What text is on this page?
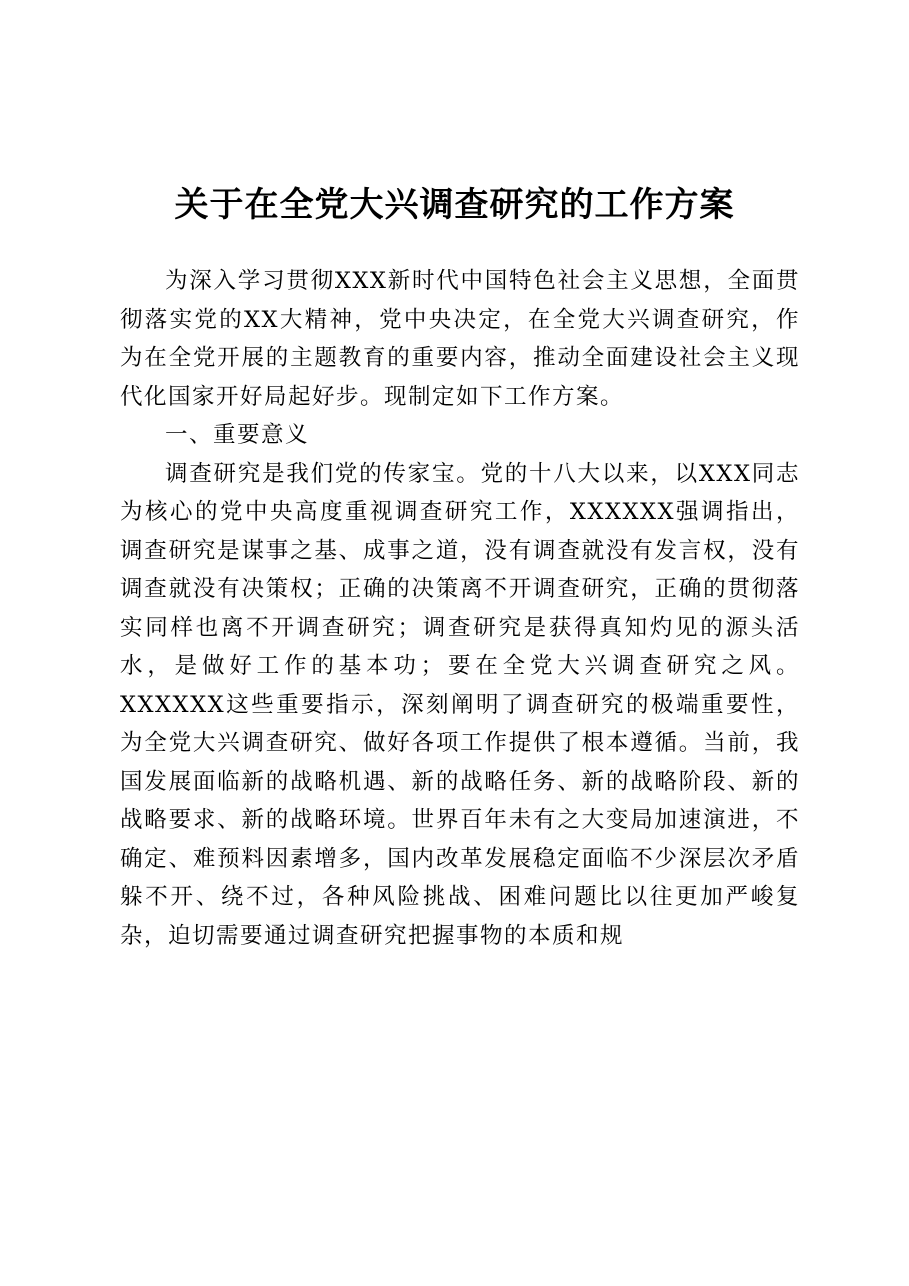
关于在全党大兴调查研究的工作方案

为深入学习贯彻XXX新时代中国特色社会主义思想，全面贯彻落实党的XX大精神，党中央决定，在全党大兴调查研究，作为在全党开展的主题教育的重要内容，推动全面建设社会主义现代化国家开好局起好步。现制定如下工作方案。

一、重要意义

调查研究是我们党的传家宝。党的十八大以来，以XXX同志为核心的党中央高度重视调查研究工作，XXXXXX强调指出，调查研究是谋事之基、成事之道，没有调查就没有发言权，没有调查就没有决策权；正确的决策离不开调查研究，正确的贯彻落实同样也离不开调查研究；调查研究是获得真知灼见的源头活水，是做好工作的基本功；要在全党大兴调查研究之风。XXXXXX这些重要指示，深刻阐明了调查研究的极端重要性，为全党大兴调查研究、做好各项工作提供了根本遵循。当前，我国发展面临新的战略机遇、新的战略任务、新的战略阶段、新的战略要求、新的战略环境。世界百年未有之大变局加速演进，不确定、难预料因素增多，国内改革发展稳定面临不少深层次矛盾躲不开、绕不过，各种风险挑战、困难问题比以往更加严峻复杂，迫切需要通过调查研究把握事物的本质和规
